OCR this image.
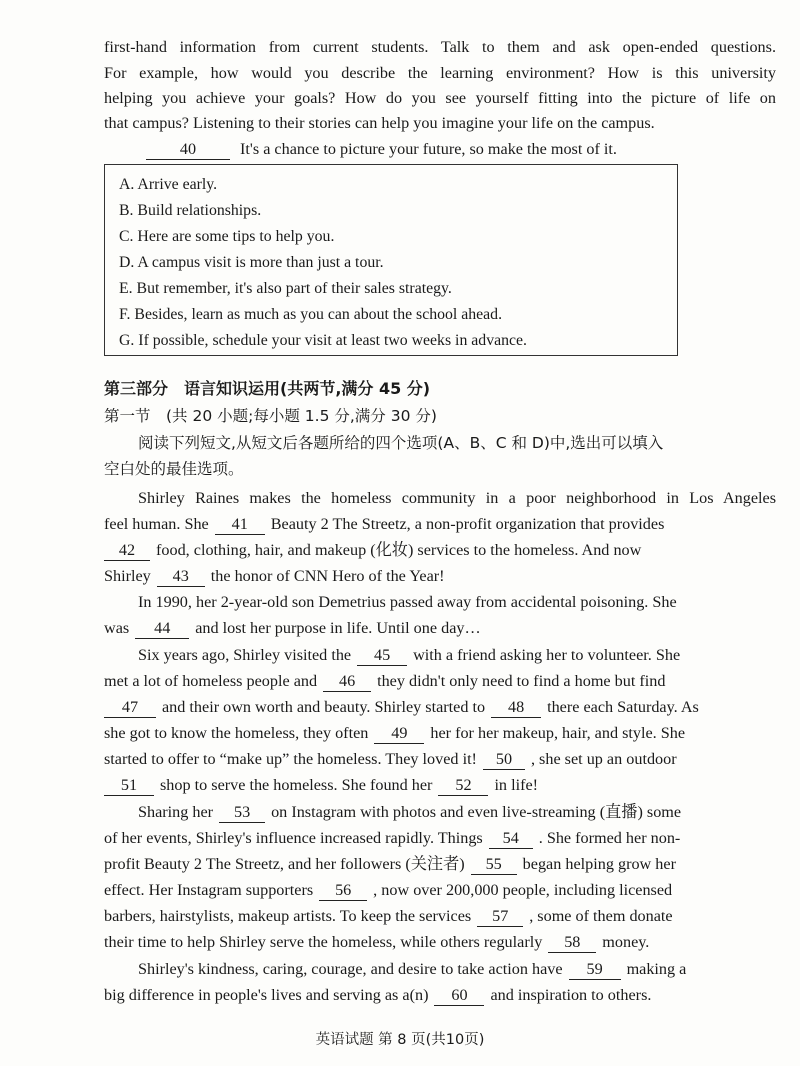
first-hand information from current students. Talk to them and ask open-ended questions.
For example, how would you describe the learning environment? How is this university
helping you achieve your goals? How do you see yourself fitting into the picture of life on
that campus? Listening to their stories can help you imagine your life on the campus.
40	It's a chance to picture your future, so make the most of it.
A. Arrive early.
B. Build relationships.
C. Here are some tips to help you.
D. A campus visit is more than just a tour.
E. But remember, it's also part of their sales strategy.
F. Besides, learn as much as you can about the school ahead.
G. If possible, schedule your visit at least two weeks in advance.
第三部分　语言知识运用(共两节,满分 45 分)
第一节　(共 20 小题;每小题 1.5 分,满分 30 分)
阅读下列短文,从短文后各题所给的四个选项(A、B、C 和 D)中,选出可以填入
空白处的最佳选项。
Shirley Raines makes the homeless community in a poor neighborhood in Los Angeles
feel human. She 41 Beauty 2 The Streetz, a non-profit organization that provides
42 food, clothing, hair, and makeup (化妆) services to the homeless. And now
Shirley 43 the honor of CNN Hero of the Year!
In 1990, her 2-year-old son Demetrius passed away from accidental poisoning. She
was 44 and lost her purpose in life. Until one day…
Six years ago, Shirley visited the 45 with a friend asking her to volunteer. She
met a lot of homeless people and 46 they didn't only need to find a home but find
47 and their own worth and beauty. Shirley started to 48 there each Saturday. As
she got to know the homeless, they often 49 her for her makeup, hair, and style. She
started to offer to “make up” the homeless. They loved it! 50 , she set up an outdoor
51 shop to serve the homeless. She found her 52 in life!
Sharing her 53 on Instagram with photos and even live-streaming (直播) some
of her events, Shirley's influence increased rapidly. Things 54 . She formed her non-
profit Beauty 2 The Streetz, and her followers (关注者) 55 began helping grow her
effect. Her Instagram supporters 56 , now over 200,000 people, including licensed
barbers, hairstylists, makeup artists. To keep the services 57 , some of them donate
their time to help Shirley serve the homeless, while others regularly 58 money.
Shirley's kindness, caring, courage, and desire to take action have 59 making a
big difference in people's lives and serving as a(n) 60 and inspiration to others.
英语试题 第 8 页(共10页)
